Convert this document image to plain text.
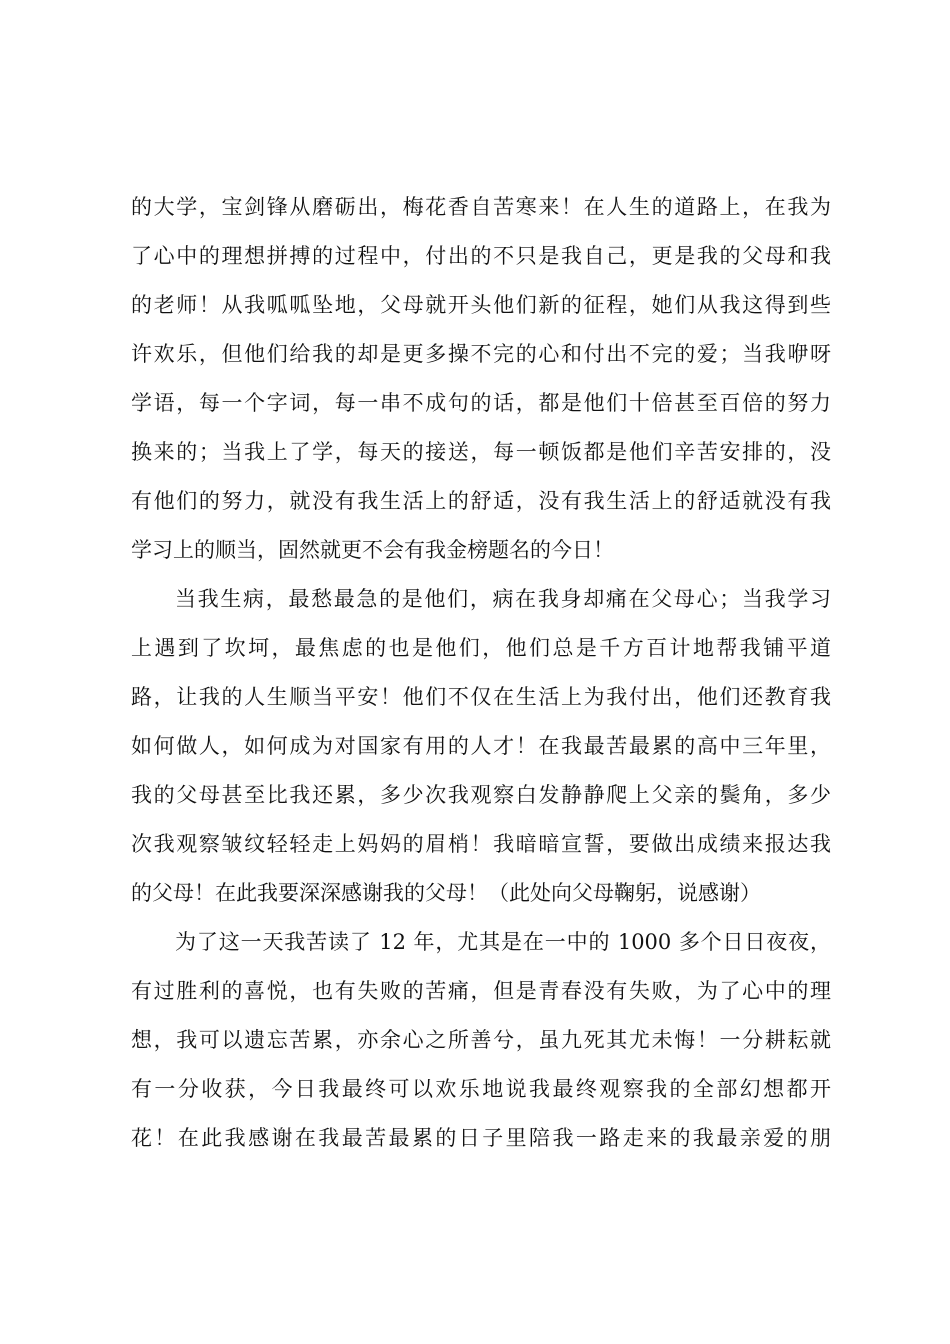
的大学，宝剑锋从磨砺出，梅花香自苦寒来！在人生的道路上，在我为
了心中的理想拼搏的过程中，付出的不只是我自己，更是我的父母和我
的老师！从我呱呱坠地，父母就开头他们新的征程，她们从我这得到些
许欢乐，但他们给我的却是更多操不完的心和付出不完的爱；当我咿呀
学语，每一个字词，每一串不成句的话，都是他们十倍甚至百倍的努力
换来的；当我上了学，每天的接送，每一顿饭都是他们辛苦安排的，没
有他们的努力，就没有我生活上的舒适，没有我生活上的舒适就没有我
学习上的顺当，固然就更不会有我金榜题名的今日！
当我生病，最愁最急的是他们，病在我身却痛在父母心；当我学习
上遇到了坎坷，最焦虑的也是他们，他们总是千方百计地帮我铺平道
路，让我的人生顺当平安！他们不仅在生活上为我付出，他们还教育我
如何做人，如何成为对国家有用的人才！在我最苦最累的高中三年里，
我的父母甚至比我还累，多少次我观察白发静静爬上父亲的鬓角，多少
次我观察皱纹轻轻走上妈妈的眉梢！我暗暗宣誓，要做出成绩来报达我
的父母！在此我要深深感谢我的父母！（此处向父母鞠躬，说感谢）
为了这一天我苦读了 12 年，尤其是在一中的 1000 多个日日夜夜，
有过胜利的喜悦，也有失败的苦痛，但是青春没有失败，为了心中的理
想，我可以遗忘苦累，亦余心之所善兮，虽九死其尤未悔！一分耕耘就
有一分收获，今日我最终可以欢乐地说我最终观察我的全部幻想都开
花！在此我感谢在我最苦最累的日子里陪我一路走来的我最亲爱的朋
